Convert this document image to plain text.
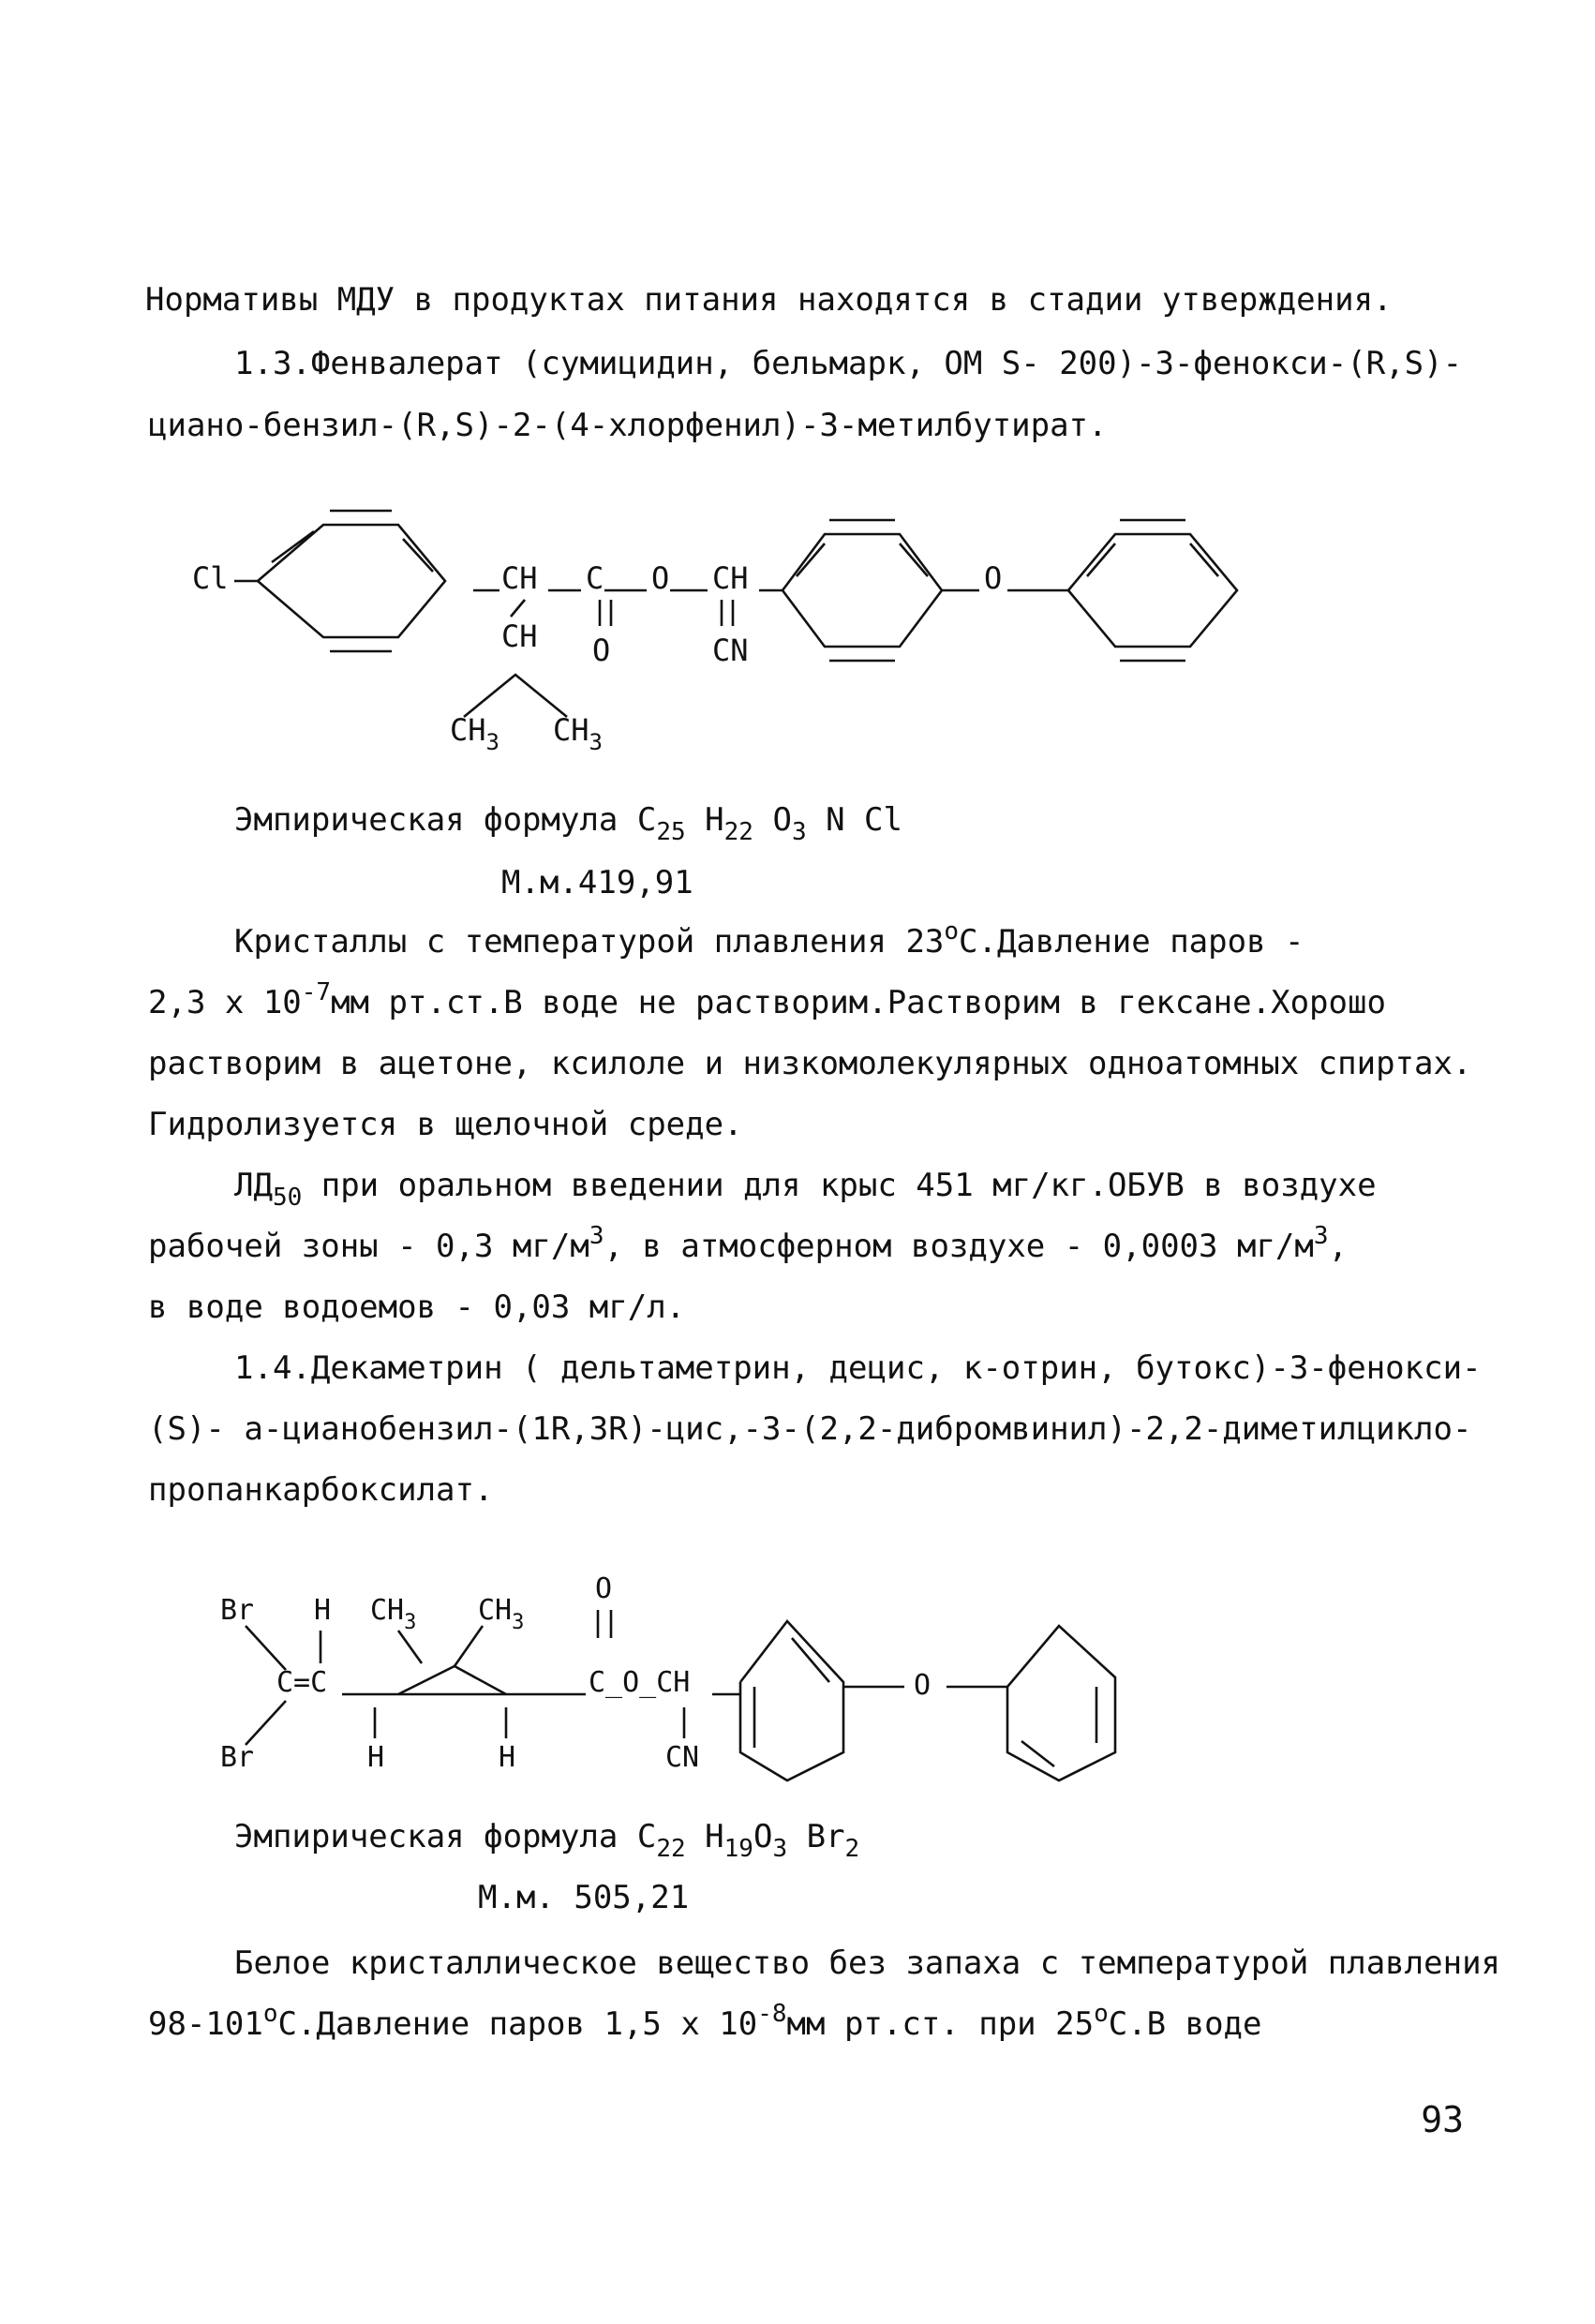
Нормативы МДУ в продуктах питания находятся в стадии утверждения.
1.3.Фенвалерат (сумицидин, бельмарк, ОМ S- 200)-3-фенокси-(R,S)-
циано-бензил-(R,S)-2-(4-хлорфенил)-3-метилбутират.
Cl	CH C O CH
O	CN
CH
$CH_3$ $CH_3$
O
Эмпирическая формула $C_{25}$ $H_{22}$ $O_3$ N Cl
М.м.419,91
Кристаллы с температурой плавления 23$^o$С.Давление паров -
2,3 х $10^{-7}мм$ рт.ст.В воде не растворим.Растворим в гексане.Хорошо
растворим в ацетоне, ксилоле и низкомолекулярных одноатомных спиртах.
Гидролизуется в щелочной среде.
$ЛД_{50}$ при оральном введении для крыс 451 мг/кг.ОБУВ в воздухе
рабочей зоны - 0,3 $мг/м^3$, в атмосферном воздухе - 0,0003 $мг/м^3$,
в воде водоемов - 0,03 мг/л.
1.4.Декаметрин ( дельтаметрин, децис, к-отрин, бутокс)-3-фенокси-
(S)- а-цианобензил-(1R,3R)-цис,-3-(2,2-дибромвинил)-2,2-диметилцикло-
пропанкарбоксилат.
O
Br H $CH_3$ $CH_3$
C=C
Br	H	H
C_O_CH
CN
O
Эмпирическая формула $C_{22}$ $H_{19}O_3$ $Br_2$
М.м. 505,21
Белое кристаллическое вещество без запаха с температурой плавления
98-101$^o$С.Давление паров 1,5 х $10^{-8}мм$ рт.ст. при 25$^o$С.В воде
93
